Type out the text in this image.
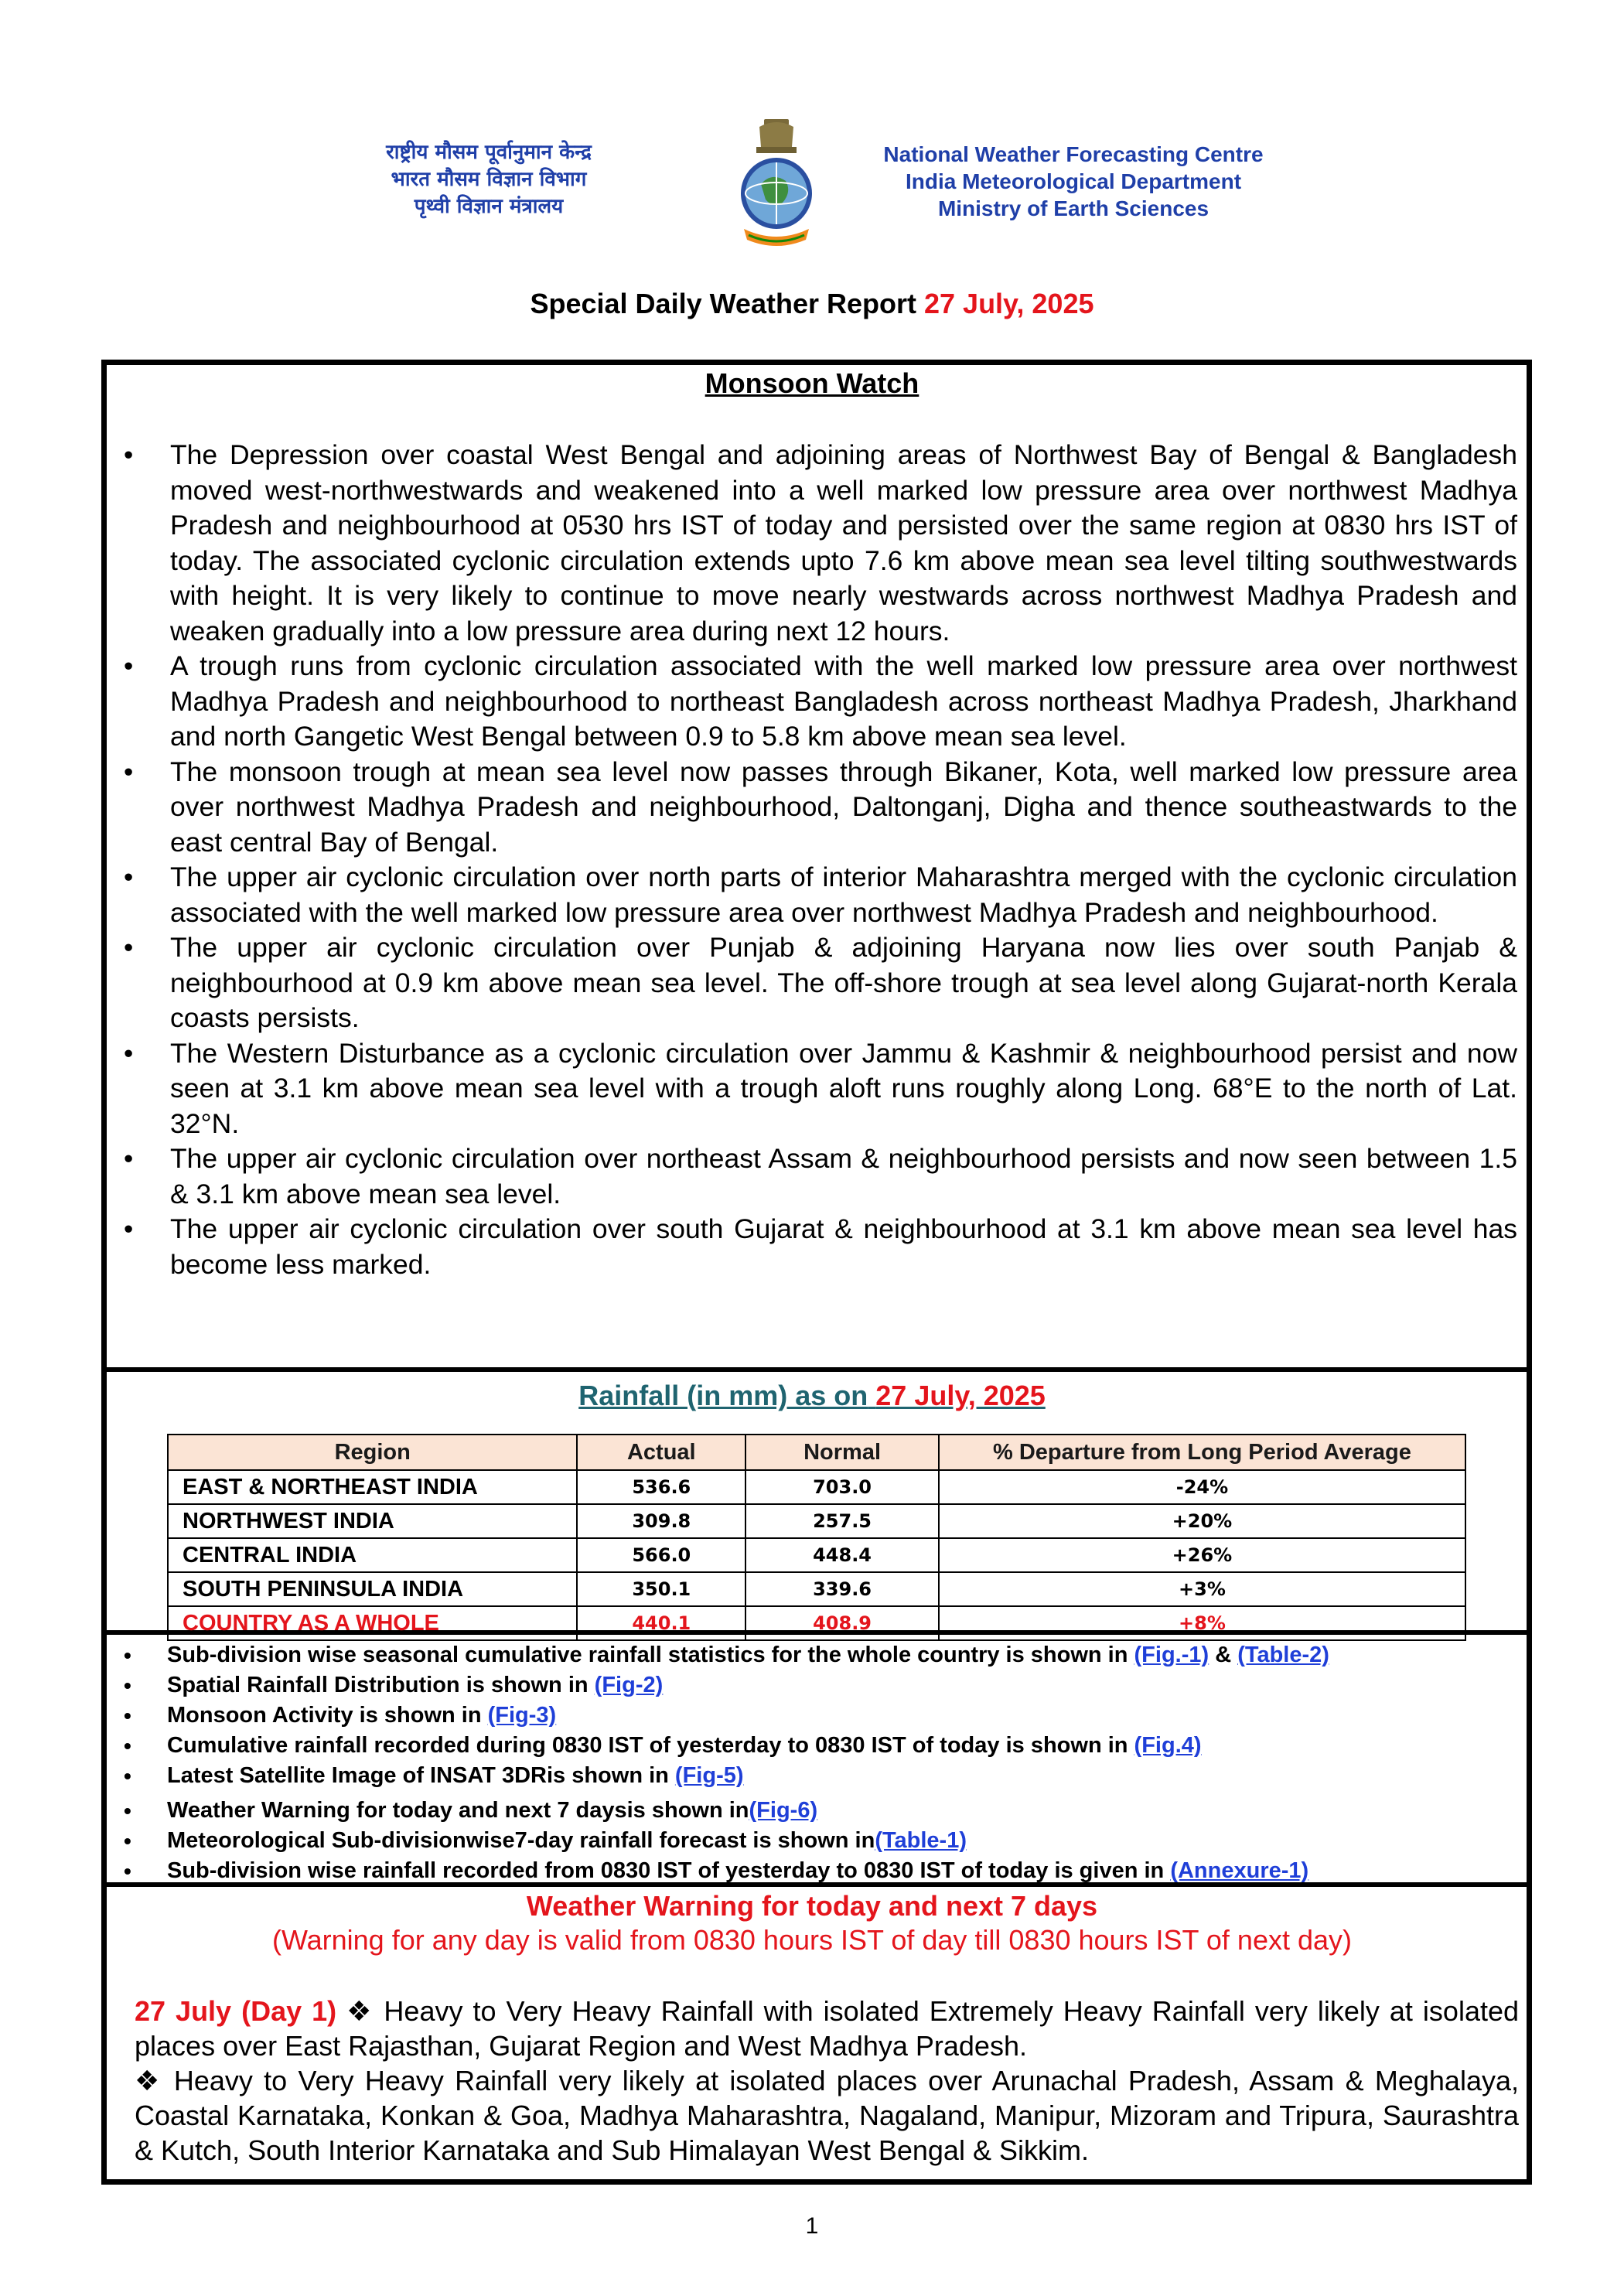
राष्ट्रीय मौसम पूर्वानुमान केन्द्र
भारत मौसम विज्ञान विभाग
पृथ्वी विज्ञान मंत्रालय
National Weather Forecasting Centre
India Meteorological Department
Ministry of Earth Sciences
Special Daily Weather Report 27 July, 2025
Monsoon Watch
• The Depression over coastal West Bengal and adjoining areas of Northwest Bay of Bengal & Bangladesh moved west-northwestwards and weakened into a well marked low pressure area over northwest Madhya Pradesh and neighbourhood at 0530 hrs IST of today and persisted over the same region at 0830 hrs IST of today. The associated cyclonic circulation extends upto 7.6 km above mean sea level tilting southwestwards with height. It is very likely to continue to move nearly westwards across northwest Madhya Pradesh and weaken gradually into a low pressure area during next 12 hours.
• A trough runs from cyclonic circulation associated with the well marked low pressure area over northwest Madhya Pradesh and neighbourhood to northeast Bangladesh across northeast Madhya Pradesh, Jharkhand and north Gangetic West Bengal between 0.9 to 5.8 km above mean sea level.
• The monsoon trough at mean sea level now passes through Bikaner, Kota, well marked low pressure area over northwest Madhya Pradesh and neighbourhood, Daltonganj, Digha and thence southeastwards to the east central Bay of Bengal.
• The upper air cyclonic circulation over north parts of interior Maharashtra merged with the cyclonic circulation associated with the well marked low pressure area over northwest Madhya Pradesh and neighbourhood.
• The upper air cyclonic circulation over Punjab & adjoining Haryana now lies over south Panjab & neighbourhood at 0.9 km above mean sea level. The off-shore trough at sea level along Gujarat-north Kerala coasts persists.
• The Western Disturbance as a cyclonic circulation over Jammu & Kashmir & neighbourhood persist and now seen at 3.1 km above mean sea level with a trough aloft runs roughly along Long. 68°E to the north of Lat. 32°N.
• The upper air cyclonic circulation over northeast Assam & neighbourhood persists and now seen between 1.5 & 3.1 km above mean sea level.
• The upper air cyclonic circulation over south Gujarat & neighbourhood at 3.1 km above mean sea level has become less marked.
Rainfall (in mm) as on 27 July, 2025
Region	Actual	Normal	% Departure from Long Period Average
EAST & NORTHEAST INDIA	536.6	703.0	-24%
NORTHWEST INDIA	309.8	257.5	+20%
CENTRAL INDIA	566.0	448.4	+26%
SOUTH PENINSULA INDIA	350.1	339.6	+3%
COUNTRY AS A WHOLE	440.1	408.9	+8%
• Sub-division wise seasonal cumulative rainfall statistics for the whole country is shown in (Fig.-1) & (Table-2)
• Spatial Rainfall Distribution is shown in (Fig-2)
• Monsoon Activity is shown in (Fig-3)
• Cumulative rainfall recorded during 0830 IST of yesterday to 0830 IST of today is shown in (Fig.4)
• Latest Satellite Image of INSAT 3DRis shown in (Fig-5)
• Weather Warning for today and next 7 daysis shown in(Fig-6)
• Meteorological Sub-divisionwise7-day rainfall forecast is shown in(Table-1)
• Sub-division wise rainfall recorded from 0830 IST of yesterday to 0830 IST of today is given in (Annexure-1)
Weather Warning for today and next 7 days
(Warning for any day is valid from 0830 hours IST of day till 0830 hours IST of next day)

27 July (Day 1) ❖ Heavy to Very Heavy Rainfall with isolated Extremely Heavy Rainfall very likely at isolated places over East Rajasthan, Gujarat Region and West Madhya Pradesh.

❖ Heavy to Very Heavy Rainfall very likely at isolated places over Arunachal Pradesh, Assam & Meghalaya, Coastal Karnataka, Konkan & Goa, Madhya Maharashtra, Nagaland, Manipur, Mizoram and Tripura, Saurashtra & Kutch, South Interior Karnataka and Sub Himalayan West Bengal & Sikkim.

1
